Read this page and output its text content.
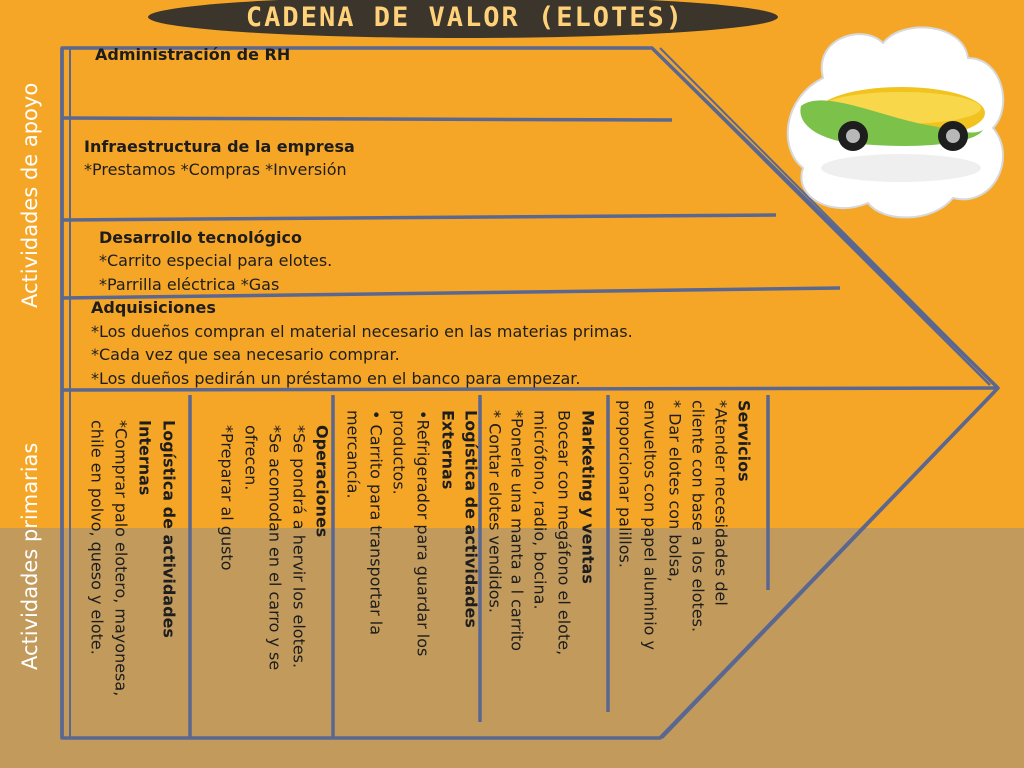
Actividades de apoyo
Actividades primarias
CADENA DE VALOR (ELOTES)
Administración de RH
Infraestructura de la empresa
*Prestamos *Compras *Inversión
Desarrollo tecnológico
*Carrito especial para elotes.
*Parrilla eléctrica *Gas
Adquisiciones
*Los dueños compran el material necesario en las materias primas.
*Cada vez que sea necesario comprar.
*Los dueños pedirán un préstamo en el banco para empezar.
Servicios
*Atender necesidades del
cliente con base a los elotes.
* Dar elotes con bolsa,
envueltos con papel aluminio y
proporcionar palillos.
Marketing y ventas
Bocear con megáfono el elote,
micrófono, radio, bocina.
*Ponerle una manta a l carrito
* Contar elotes vendidos.
Logística de actividades
Externas
•Refrigerador para guardar los
productos.
• Carrito para transportar la
mercancía.
Operaciones
*Se pondrá a hervir los elotes.
*Se acomodan en el carro y se
ofrecen.
*Preparar al gusto
Logística de actividades
Internas
*Comprar palo elotero, mayonesa,
chile en polvo, queso y elote.
